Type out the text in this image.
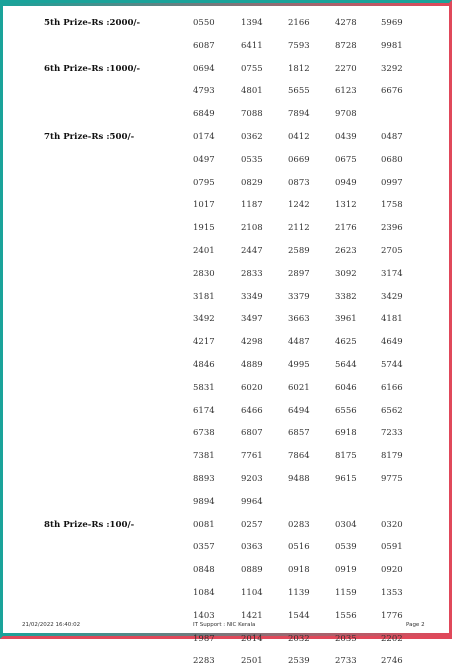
5th Prize-Rs :2000/-	0550	1394	2166	4278	5969
6087	6411	7593	8728	9981
6th Prize-Rs :1000/-	0694	0755	1812	2270	3292
4793	4801	5655	6123	6676
6849	7088	7894	9708
7th Prize-Rs :500/-	0174	0362	0412	0439	0487
0497	0535	0669	0675	0680
0795	0829	0873	0949	0997
1017	1187	1242	1312	1758
1915	2108	2112	2176	2396
2401	2447	2589	2623	2705
2830	2833	2897	3092	3174
3181	3349	3379	3382	3429
3492	3497	3663	3961	4181
4217	4298	4487	4625	4649
4846	4889	4995	5644	5744
5831	6020	6021	6046	6166
6174	6466	6494	6556	6562
6738	6807	6857	6918	7233
7381	7761	7864	8175	8179
8893	9203	9488	9615	9775
9894	9964
8th Prize-Rs :100/-	0081	0257	0283	0304	0320
0357	0363	0516	0539	0591
0848	0889	0918	0919	0920
1084	1104	1139	1159	1353
1403	1421	1544	1556	1776
1987	2014	2032	2035	2202
2283	2501	2539	2733	2746
21/02/2022 16:40:02	IT Support : NIC Kerala	Page 2
